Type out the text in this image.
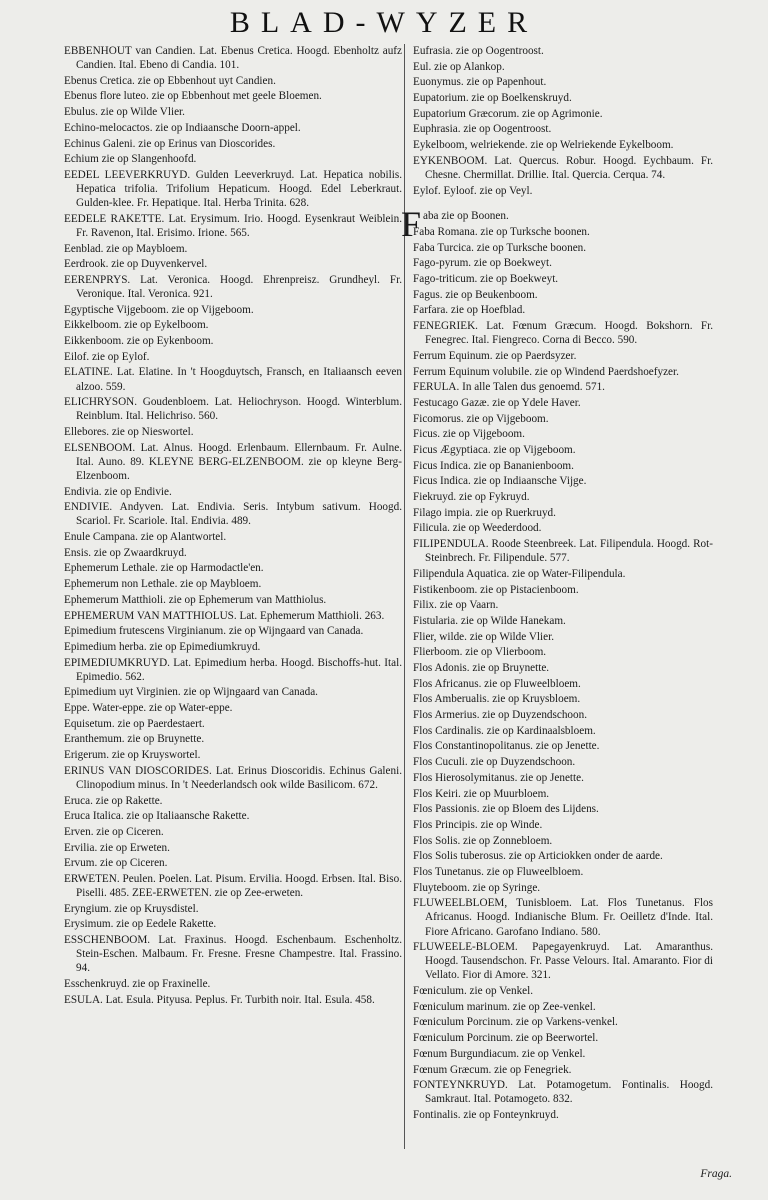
BLAD-WYZER
EBBENHOUT van Candien. Lat. Ebenus Cretica. Hoogd. Ebenholtz aufz Candien. Ital. Ebeno di Candia. 101.
Ebenus Cretica. zie op Ebbenhout uyt Candien.
Ebenus flore luteo. zie op Ebbenhout met geele Bloemen.
Ebulus. zie op Wilde Vlier.
Echino-melocactos. zie op Indiaansche Doorn-appel.
Echinus Galeni. zie op Erinus van Dioscorides.
Echium zie op Slangenhoofd.
EEDEL LEEVERKRUYD. Gulden Leeverkruyd. Lat. Hepatica nobilis. Hepatica trifolia. Trifolium Hepaticum. Hoogd. Edel Leberkraut. Gulden-klee. Fr. Hepatique. Ital. Herba Trinita. 628.
EEDELE RAKETTE. Lat. Erysimum. Irio. Hoogd. Eysenkraut Weiblein. Fr. Ravenon, Ital. Erisimo. Irione. 565.
Eenblad. zie op Maybloem.
Eerdrook. zie op Duyvenkervel.
EERENPRYS. Lat. Veronica. Hoogd. Ehrenpreisz. Grundheyl. Fr. Veronique. Ital. Veronica. 921.
Egyptische Vijgeboom. zie op Vijgeboom.
Eikkelboom. zie op Eykelboom.
Eikkenboom. zie op Eykenboom.
Eilof. zie op Eylof.
ELATINE. Lat. Elatine. In 't Hoogduytsch, Fransch, en Italiaansch eeven alzoo. 559.
ELICHRYSON. Goudenbloem. Lat. Heliochryson. Hoogd. Winterblum. Reinblum. Ital. Helichriso. 560.
Ellebores. zie op Nieswortel.
ELSENBOOM. Lat. Alnus. Hoogd. Erlenbaum. Ellernbaum. Fr. Aulne. Ital. Auno. 89. KLEYNE BERG-ELZENBOOM. zie op kleyne Berg-Elzenboom.
Endivia. zie op Endivie.
ENDIVIE. Andyven. Lat. Endivia. Seris. Intybum sativum. Hoogd. Scariol. Fr. Scariole. Ital. Endivia. 489.
Enule Campana. zie op Alantwortel.
Ensis. zie op Zwaardkruyd.
Ephemerum Lethale. zie op Harmodactle'en.
Ephemerum non Lethale. zie op Maybloem.
Ephemerum Matthioli. zie op Ephemerum van Matthiolus.
EPHEMERUM VAN MATTHIOLUS. Lat. Ephemerum Matthioli. 263.
Epimedium frutescens Virginianum. zie op Wijngaard van Canada.
Epimedium herba. zie op Epimediumkruyd.
EPIMEDIUMKRUYD. Lat. Epimedium herba. Hoogd. Bischoffs-hut. Ital. Epimedio. 562.
Epimedium uyt Virginien. zie op Wijngaard van Canada.
Eppe. Water-eppe. zie op Water-eppe.
Equisetum. zie op Paerdestaert.
Eranthemum. zie op Bruynette.
Erigerum. zie op Kruyswortel.
ERINUS VAN DIOSCORIDES. Lat. Erinus Dioscoridis. Echinus Galeni. Clinopodium minus. In 't Neederlandsch ook wilde Basilicom. 672.
Eruca. zie op Rakette.
Eruca Italica. zie op Italiaansche Rakette.
Erven. zie op Ciceren.
Ervilia. zie op Erweten.
Ervum. zie op Ciceren.
ERWETEN. Peulen. Poelen. Lat. Pisum. Ervilia. Hoogd. Erbsen. Ital. Biso. Piselli. 485. ZEE-ERWETEN. zie op Zee-erweten.
Eryngium. zie op Kruysdistel.
Erysimum. zie op Eedele Rakette.
ESSCHENBOOM. Lat. Fraxinus. Hoogd. Eschenbaum. Eschenholtz. Stein-Eschen. Malbaum. Fr. Fresne. Fresne Champestre. Ital. Frassino. 94.
Esschenkruyd. zie op Fraxinelle.
ESULA. Lat. Esula. Pityusa. Peplus. Fr. Turbith noir. Ital. Esula. 458.
Eufrasia. zie op Oogentroost.
Eul. zie op Alankop.
Euonymus. zie op Papenhout.
Eupatorium. zie op Boelkenskruyd.
Eupatorium Græcorum. zie op Agrimonie.
Euphrasia. zie op Oogentroost.
Eykelboom, welriekende. zie op Welriekende Eykelboom.
EYKENBOOM. Lat. Quercus. Robur. Hoogd. Eychbaum. Fr. Chesne. Chermillat. Drillie. Ital. Quercia. Cerqua. 74.
Eylof. Eyloof. zie op Veyl.
F aba zie op Boonen.
Faba Romana. zie op Turksche boonen.
Faba Turcica. zie op Turksche boonen.
Fago-pyrum. zie op Boekweyt.
Fago-triticum. zie op Boekweyt.
Fagus. zie op Beukenboom.
Farfara. zie op Hoefblad.
FENEGRIEK. Lat. Fœnum Græcum. Hoogd. Bokshorn. Fr. Fenegrec. Ital. Fiengreco. Corna di Becco. 590.
Ferrum Equinum. zie op Paerdsyzer.
Ferrum Equinum volubile. zie op Windend Paerdshoefyzer.
FERULA. In alle Talen dus genoemd. 571.
Festucago Gazæ. zie op Ydele Haver.
Ficomorus. zie op Vijgeboom.
Ficus. zie op Vijgeboom.
Ficus Ægyptiaca. zie op Vijgeboom.
Ficus Indica. zie op Bananienboom.
Ficus Indica. zie op Indiaansche Vijge.
Fiekruyd. zie op Fykruyd.
Filago impia. zie op Ruerkruyd.
Filicula. zie op Weederdood.
FILIPENDULA. Roode Steenbreek. Lat. Filipendula. Hoogd. Rot-Steinbrech. Fr. Filipendule. 577.
Filipendula Aquatica. zie op Water-Filipendula.
Fistikenboom. zie op Pistacienboom.
Filix. zie op Vaarn.
Fistularia. zie op Wilde Hanekam.
Flier, wilde. zie op Wilde Vlier.
Flierboom. zie op Vlierboom.
Flos Adonis. zie op Bruynette.
Flos Africanus. zie op Fluweelbloem.
Flos Amberualis. zie op Kruysbloem.
Flos Armerius. zie op Duyzendschoon.
Flos Cardinalis. zie op Kardinaalsbloem.
Flos Constantinopolitanus. zie op Jenette.
Flos Cuculi. zie op Duyzendschoon.
Flos Hierosolymitanus. zie op Jenette.
Flos Keiri. zie op Muurbloem.
Flos Passionis. zie op Bloem des Lijdens.
Flos Principis. zie op Winde.
Flos Solis. zie op Zonnebloem.
Flos Solis tuberosus. zie op Articiokken onder de aarde.
Flos Tunetanus. zie op Fluweelbloem.
Fluyteboom. zie op Syringe.
FLUWEELBLOEM, Tunisbloem. Lat. Flos Tunetanus. Flos Africanus. Hoogd. Indianische Blum. Fr. Oeilletz d'Inde. Ital. Fiore Africano. Garofano Indiano. 580.
FLUWEELE-BLOEM. Papegayenkruyd. Lat. Amaranthus. Hoogd. Tausendschon. Fr. Passe Velours. Ital. Amaranto. Fior di Vellato. Fior di Amore. 321.
Fœniculum. zie op Venkel.
Fœniculum marinum. zie op Zee-venkel.
Fœniculum Porcinum. zie op Varkens-venkel.
Fœniculum Porcinum. zie op Beerwortel.
Fœnum Burgundiacum. zie op Venkel.
Fœnum Græcum. zie op Fenegriek.
FONTEYNKRUYD. Lat. Potamogetum. Fontinalis. Hoogd. Samkraut. Ital. Potamogeto. 832.
Fontinalis. zie op Fonteynkruyd.
Fraga.
